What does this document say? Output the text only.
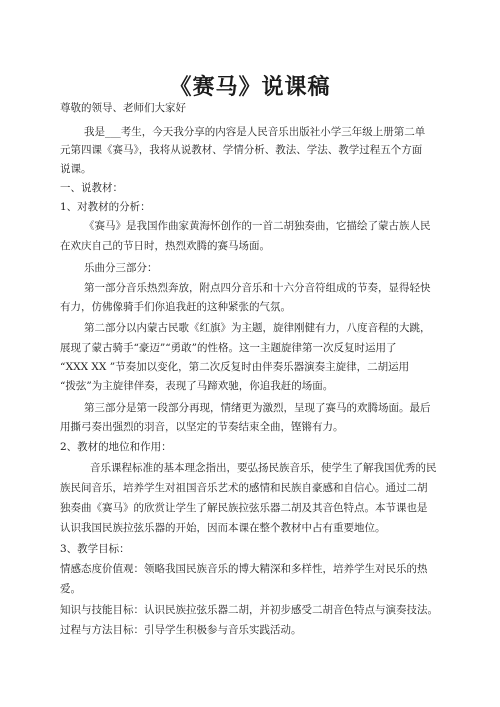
《赛马》说课稿
尊敬的领导、老师们大家好
我是___考生，今天我分享的内容是人民音乐出版社小学三年级上册第二单
元第四课《赛马》，我将从说教材、学情分析、教法、学法、教学过程五个方面
说课。
一、说教材：
1、对教材的分析：
《赛马》是我国作曲家黄海怀创作的一首二胡独奏曲，它描绘了蒙古族人民
在欢庆自己的节日时，热烈欢腾的赛马场面。
乐曲分三部分：
第一部分音乐热烈奔放，附点四分音乐和十六分音符组成的节奏，显得轻快
有力，仿佛像骑手们你追我赶的这种紧张的气氛。
第二部分以内蒙古民歌《红旗》为主题，旋律刚健有力，八度音程的大跳，
展现了蒙古骑手“豪迈”“勇敢”的性格。这一主题旋律第一次反复时运用了
“XXX XX ”节奏加以变化，第二次反复时由伴奏乐器演奏主旋律，二胡运用
“拨弦”为主旋律伴奏，表现了马蹄欢驰，你追我赶的场面。
第三部分是第一段部分再现，情绪更为激烈，呈现了赛马的欢腾场面。最后
用撕弓奏出强烈的羽音，以坚定的节奏结束全曲，铿锵有力。
2、教材的地位和作用：
音乐课程标准的基本理念指出，要弘扬民族音乐，使学生了解我国优秀的民
族民间音乐，培养学生对祖国音乐艺术的感情和民族自豪感和自信心。通过二胡
独奏曲《赛马》的欣赏让学生了解民族拉弦乐器二胡及其音色特点。本节课也是
认识我国民族拉弦乐器的开始，因而本课在整个教材中占有重要地位。
3、教学目标：
情感态度价值观：领略我国民族音乐的博大精深和多样性，培养学生对民乐的热
爱。
知识与技能目标：认识民族拉弦乐器二胡，并初步感受二胡音色特点与演奏技法。
过程与方法目标：引导学生积极参与音乐实践活动。
